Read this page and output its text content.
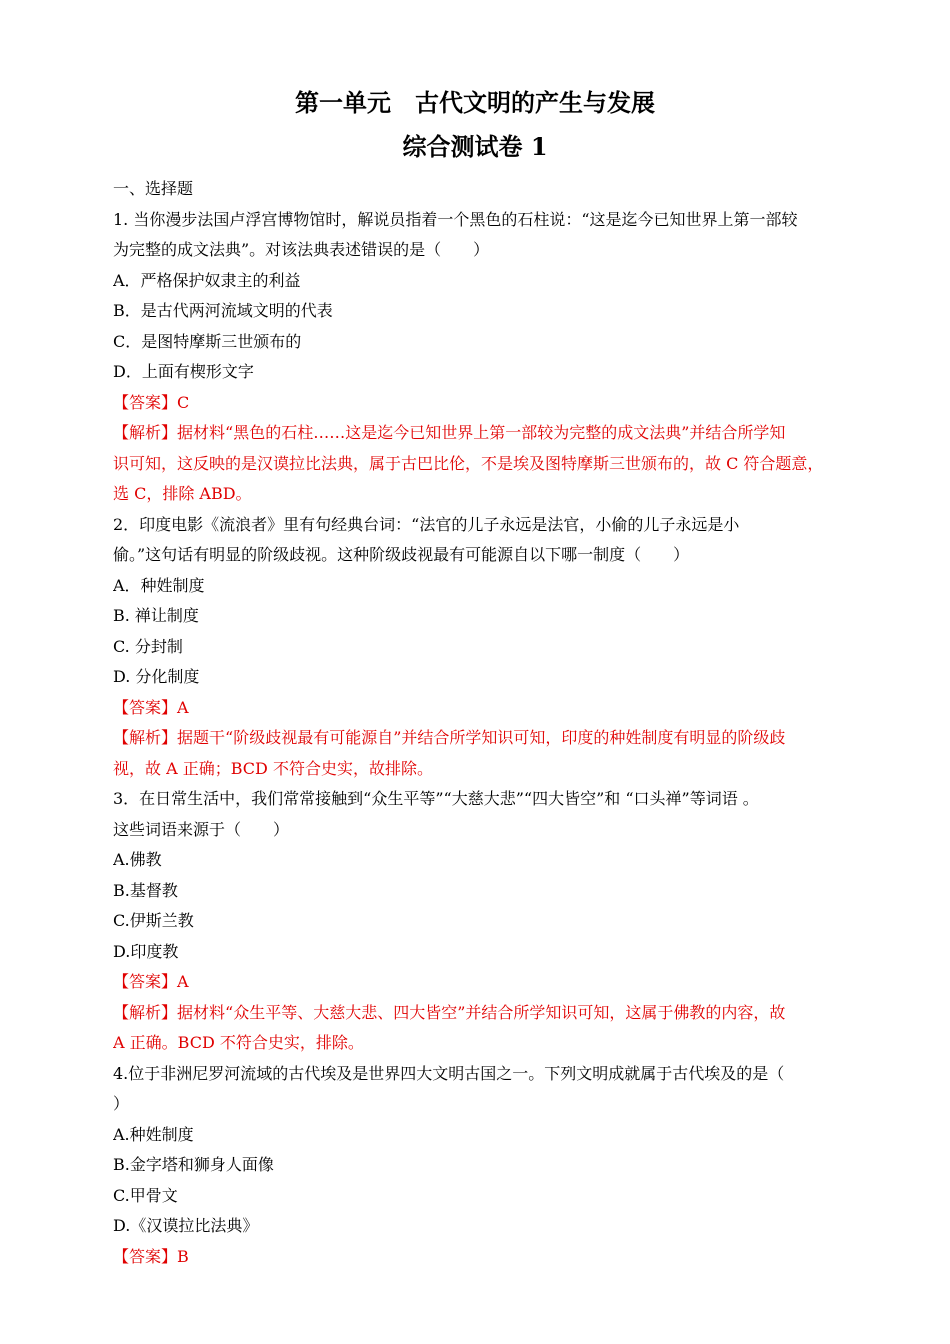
第一单元　古代文明的产生与发展
综合测试卷 1
一、选择题
1. 当你漫步法国卢浮宫博物馆时，解说员指着一个黑色的石柱说：“这是迄今已知世界上第一部较
为完整的成文法典”。对该法典表述错误的是（　　）
A．严格保护奴隶主的利益
B．是古代两河流域文明的代表
C．是图特摩斯三世颁布的
D．上面有楔形文字
【答案】C
【解析】据材料“黑色的石柱……这是迄今已知世界上第一部较为完整的成文法典”并结合所学知
识可知，这反映的是汉谟拉比法典，属于古巴比伦，不是埃及图特摩斯三世颁布的，故 C 符合题意，
选 C，排除 ABD。
2．印度电影《流浪者》里有句经典台词：“法官的儿子永远是法官，小偷的儿子永远是小
偷。”这句话有明显的阶级歧视。这种阶级歧视最有可能源自以下哪一制度（　　）
A．种姓制度
B. 禅让制度
C. 分封制
D. 分化制度
【答案】A
【解析】据题干“阶级歧视最有可能源自”并结合所学知识可知，印度的种姓制度有明显的阶级歧
视，故 A 正确；BCD 不符合史实，故排除。
3．在日常生活中，我们常常接触到“众生平等”“大慈大悲”“四大皆空”和 “口头禅”等词语 。
这些词语来源于（　　）
A.佛教
B.基督教
C.伊斯兰教
D.印度教
【答案】A
【解析】据材料“众生平等、大慈大悲、四大皆空”并结合所学知识可知，这属于佛教的内容，故
A 正确。BCD 不符合史实，排除。
4.位于非洲尼罗河流域的古代埃及是世界四大文明古国之一。下列文明成就属于古代埃及的是（
）
A.种姓制度
B.金字塔和狮身人面像
C.甲骨文
D.《汉谟拉比法典》
【答案】B
